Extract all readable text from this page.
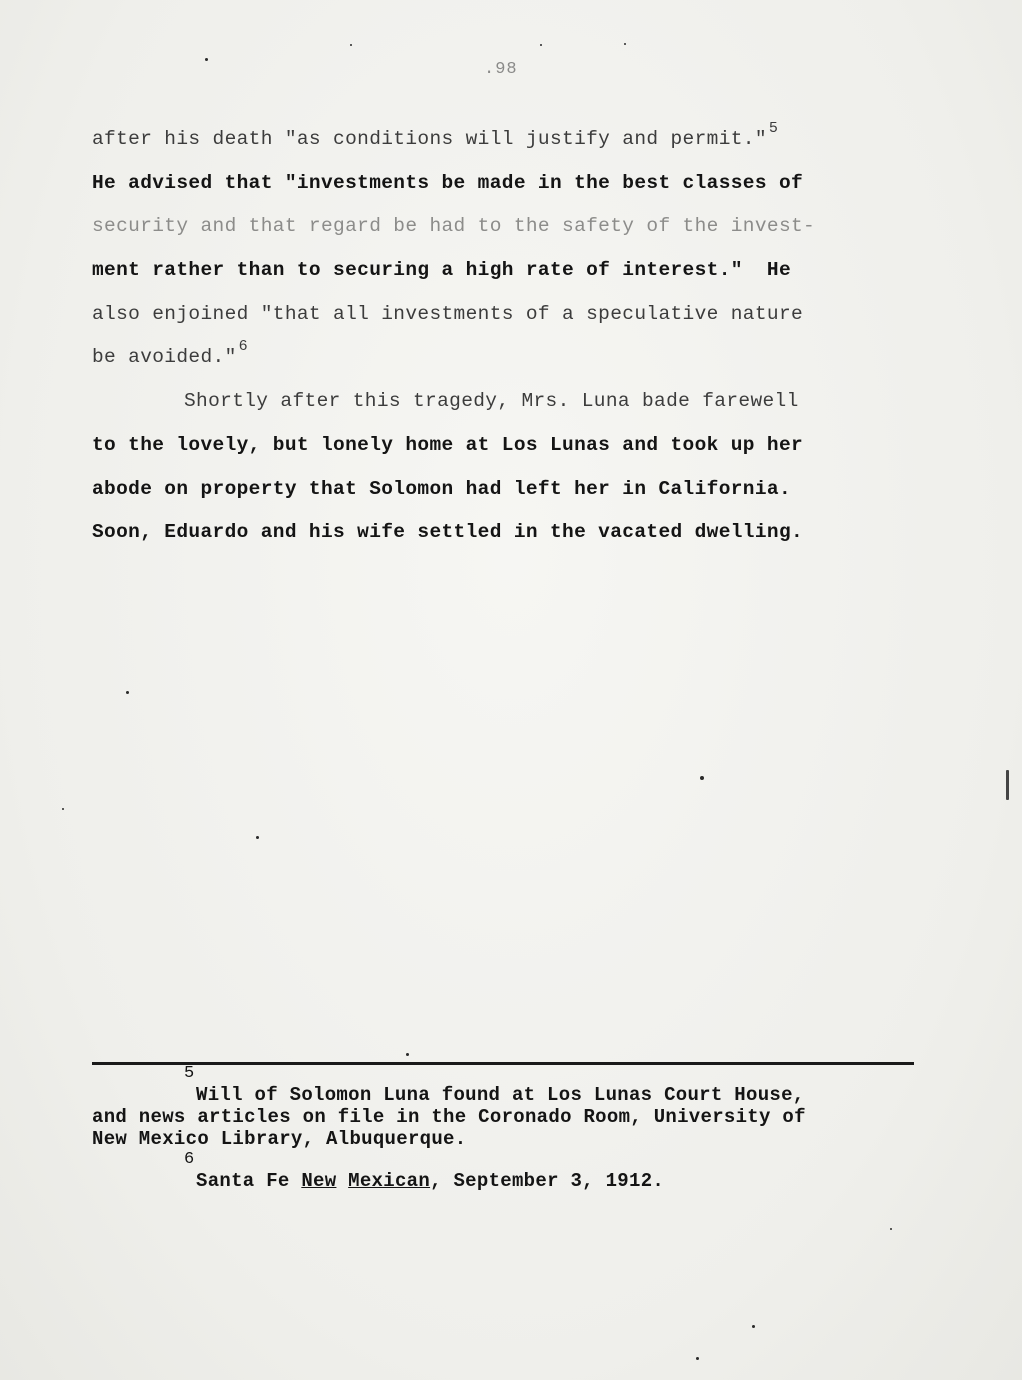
.98
after his death "as conditions will justify and permit." $^5$
He advised that "investments be made in the best classes of
security and that regard be had to the safety of the invest-
ment rather than to securing a high rate of interest."  He
also enjoined "that all investments of a speculative nature
be avoided." $^6$
Shortly after this tragedy, Mrs. Luna bade farewell
to the lovely, but lonely home at Los Lunas and took up her
abode on property that Solomon had left her in California.
Soon, Eduardo and his wife settled in the vacated dwelling.
5
Will of Solomon Luna found at Los Lunas Court House,
and news articles on file in the Coronado Room, University of
New Mexico Library, Albuquerque.
6
Santa Fe New Mexican, September 3, 1912.
